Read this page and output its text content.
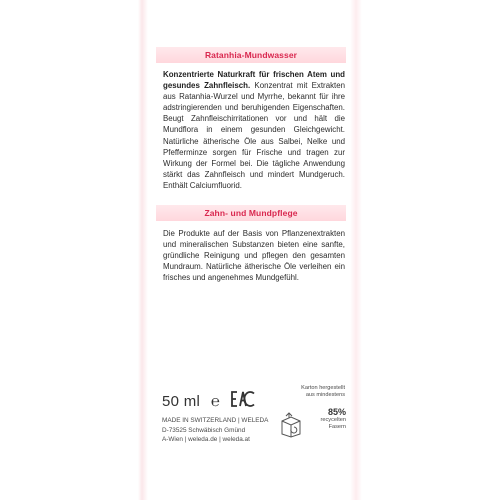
Ratanhia-Mundwasser
Konzentrierte Naturkraft für frischen Atem und gesundes Zahnfleisch. Konzentrat mit Extrakten aus Ratanhia-Wurzel und Myrrhe, bekannt für ihre adstringierenden und beruhigenden Eigenschaften. Beugt Zahnfleischirritationen vor und hält die Mundflora in einem gesunden Gleichgewicht. Natürliche ätherische Öle aus Salbei, Nelke und Pfefferminze sorgen für Frische und tragen zur Wirkung der Formel bei. Die tägliche Anwendung stärkt das Zahnfleisch und mindert Mundgeruch. Enthält Calciumfluorid.
Zahn- und Mundpflege
Die Produkte auf der Basis von Pflanzenextrakten und mineralischen Substanzen bieten eine sanfte, gründliche Reinigung und pflegen den gesamten Mundraum. Natürliche ätherische Öle verleihen ein frisches und angenehmes Mundgefühl.
50 ml ℮
Karton hergestellt
aus mindestens
85%
recycelten
Fasern
MADE IN SWITZERLAND | WELEDA
D-73525 Schwäbisch Gmünd
A-Wien | weleda.de | weleda.at
